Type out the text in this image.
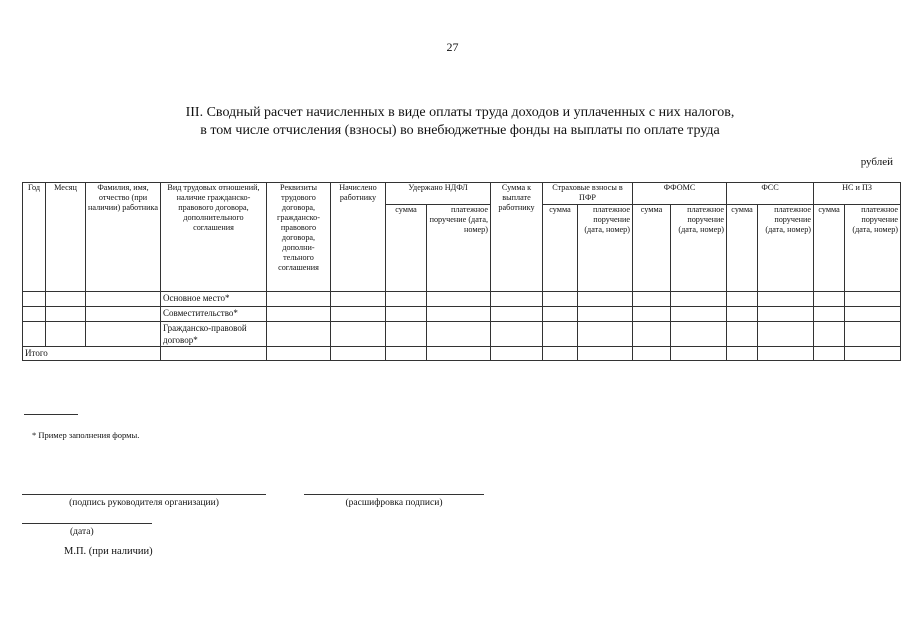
27
III. Сводный расчет начисленных в виде оплаты труда доходов и уплаченных с них налогов,
в том числе отчисления (взносы) во внебюджетные фонды на выплаты по оплате труда
рублей
Год	Месяц	Фамилия, имя, отчество (при наличии) работника	Вид трудовых отношений, наличие гражданско-правового договора, дополнительного соглашения	Реквизиты трудового договора, гражданско-правового договора, дополни-тельного соглашения	Начислено работнику	Удержано НДФЛ		Сумма к выплате работнику	Страховые взносы в ПФР		ФФОМС		ФСС		НС и ПЗ	
						сумма	платежное поручение (дата, номер)		сумма	платежное поручение (дата, номер)	сумма	платежное поручение (дата, номер)	сумма	платежное поручение (дата, номер)	сумма	платежное поручение (дата, номер)
			Основное место*													
			Совместительство*													
			Гражданско-правовой договор*													
Итого																
* Пример заполнения формы.
(подпись руководителя организации)	(расшифровка подписи)
(дата)
М.П. (при наличии)
